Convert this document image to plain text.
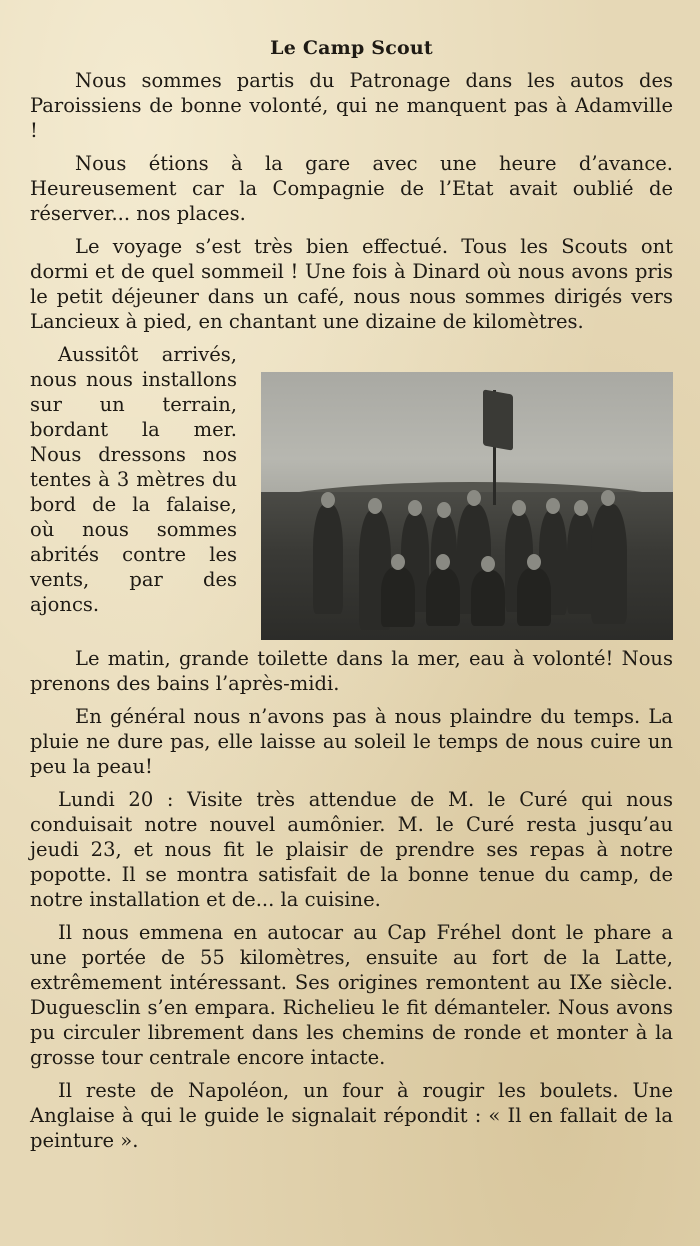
Le Camp Scout

Nous sommes partis du Patronage dans les autos des Paroissiens de bonne volonté, qui ne manquent pas à Adamville !

Nous étions à la gare avec une heure d’avance. Heureusement car la Compagnie de l’Etat avait oublié de réserver... nos places.

Le voyage s’est très bien effectué. Tous les Scouts ont dormi et de quel sommeil ! Une fois à Dinard où nous avons pris le petit déjeuner dans un café, nous nous sommes dirigés vers Lancieux à pied, en chantant une dizaine de kilomètres.

Aussitôt arrivés, nous nous installons sur un terrain, bordant la mer. Nous dressons nos tentes à 3 mètres du bord de la falaise, où nous sommes abrités contre les vents, par des ajoncs.

Le matin, grande toilette dans la mer, eau à volonté! Nous prenons des bains l’après-midi.

En général nous n’avons pas à nous plaindre du temps. La pluie ne dure pas, elle laisse au soleil le temps de nous cuire un peu la peau!

Lundi 20 : Visite très attendue de M. le Curé qui nous conduisait notre nouvel aumônier. M. le Curé resta jusqu’au jeudi 23, et nous fit le plaisir de prendre ses repas à notre popotte. Il se montra satisfait de la bonne tenue du camp, de notre installation et de... la cuisine.

Il nous emmena en autocar au Cap Fréhel dont le phare a une portée de 55 kilomètres, ensuite au fort de la Latte, extrêmement intéressant. Ses origines remontent au IXe siècle. Duguesclin s’en empara. Richelieu le fit démanteler. Nous avons pu circuler librement dans les chemins de ronde et monter à la grosse tour centrale encore intacte.

Il reste de Napoléon, un four à rougir les boulets. Une Anglaise à qui le guide le signalait répondit : « Il en fallait de la peinture ».
